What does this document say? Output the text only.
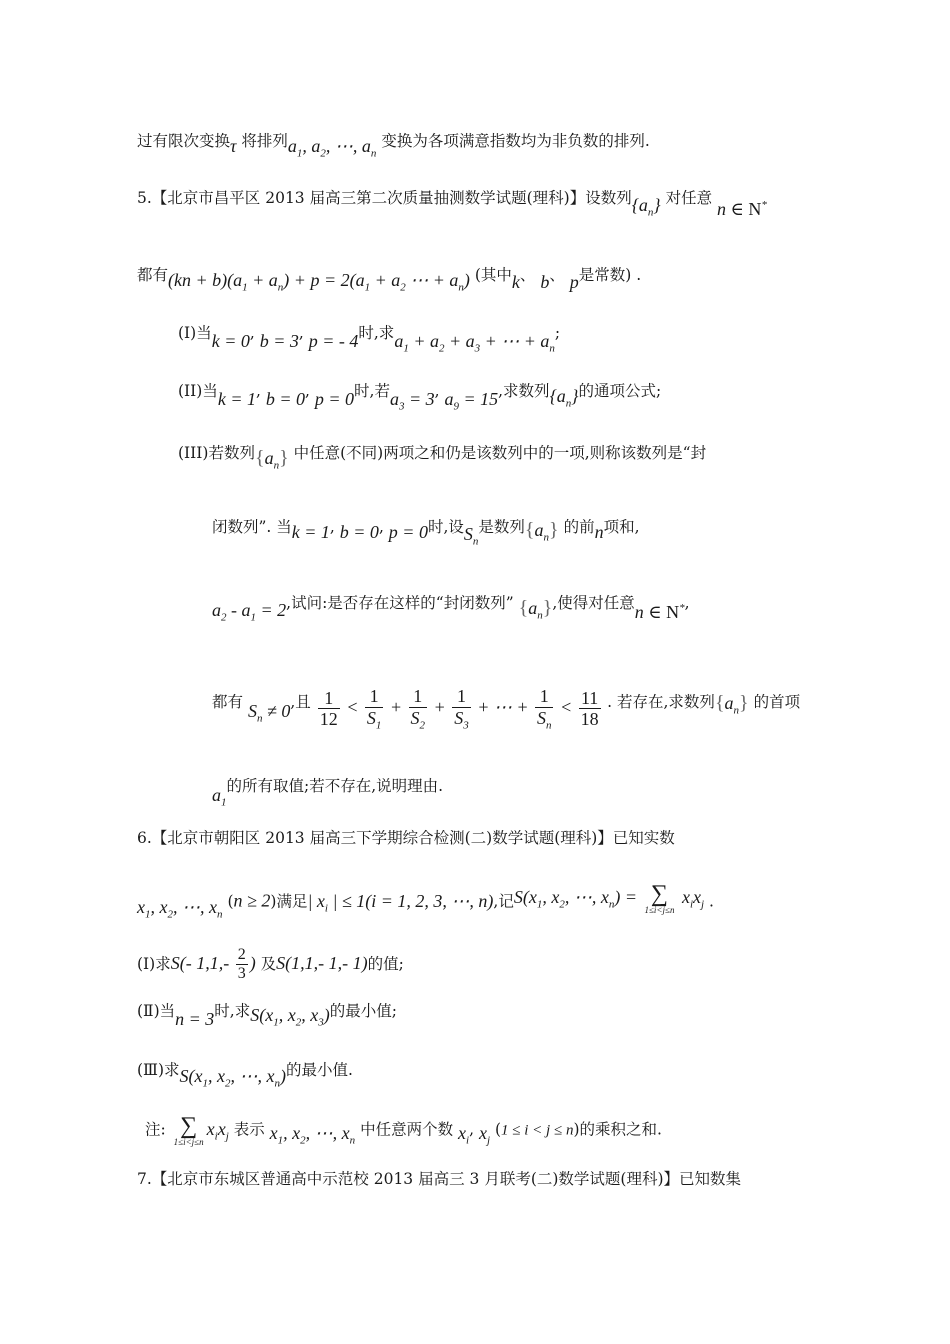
过有限次变换τ 将排列$a_1$, $a_2$, ⋯, $a_n$ 变换为各项满意指数均为非负数的排列.
5.【北京市昌平区 2013 届高三第二次质量抽测数学试题(理科)】设数列$\{a_n\}$ 对任意 n ∈ N*
都有$(kn + b)(a_1 + a_n) + p = 2(a_1 + a_2$ ⋯ + $a_n$) (其中k、 b、 p是常数) .
(I)当k = 0, b = 3, p = - 4时,求$a_1 + a_2 + a_3$ + ⋯ + $a_n$;
(II)当k = 1, b = 0, p = 0时,若$a_3 = 3$, $a_9 = 15$,求数列$\{a_n\}$的通项公式;
(III)若数列$\{a_n\}$ 中任意(不同)两项之和仍是该数列中的一项,则称该数列是“封
闭数列”. 当k = 1, b = 0, p = 0时,设$S_n$是数列$\{a_n\}$ 的前n项和,
$a_2 - a_1 = 2$,试问:是否存在这样的“封闭数列” $\{a_n\}$,使得对任意n ∈ N*,
都有 $S_n \ne 0$,且 $\frac{1}{12} < \frac{1}{S_1} + \frac{1}{S_2} + \frac{1}{S_3}$ + ⋯ + $\frac{1}{S_n} < \frac{11}{18}$ . 若存在,求数列$\{a_n\}$ 的首项
$a_1$的所有取值;若不存在,说明理由.
6.【北京市朝阳区 2013 届高三下学期综合检测(二)数学试题(理科)】已知实数
$x_1$, $x_2$, ⋯, $x_n$ (n ≥ 2)满足| $x_i$ | ≤ 1(i = 1, 2, 3, ⋯, n),记$S(x_1$, $x_2$, ⋯, $x_n$) = ∑
1≤i<j≤n
$x_ix_j$ .
(Ⅰ)求S(- $1,1,- \frac{2}{3}$ ) 及S(1,1,- 1,- 1)的值;
(Ⅱ)当n = 3时,求$S(x_1$, $x_2$, $x_3$)的最小值;
(Ⅲ)求$S(x_1$, $x_2$, ⋯, $x_n$)的最小值.
注: ∑
1≤i<j≤n
$x_ix_j$ 表示 $x_1$, $x_2$, ⋯, $x_n$ 中任意两个数 $x_i$, $x_j$ (1 ≤ i < j ≤ n)的乘积之和.
7.【北京市东城区普通高中示范校 2013 届高三 3 月联考(二)数学试题(理科)】已知数集
